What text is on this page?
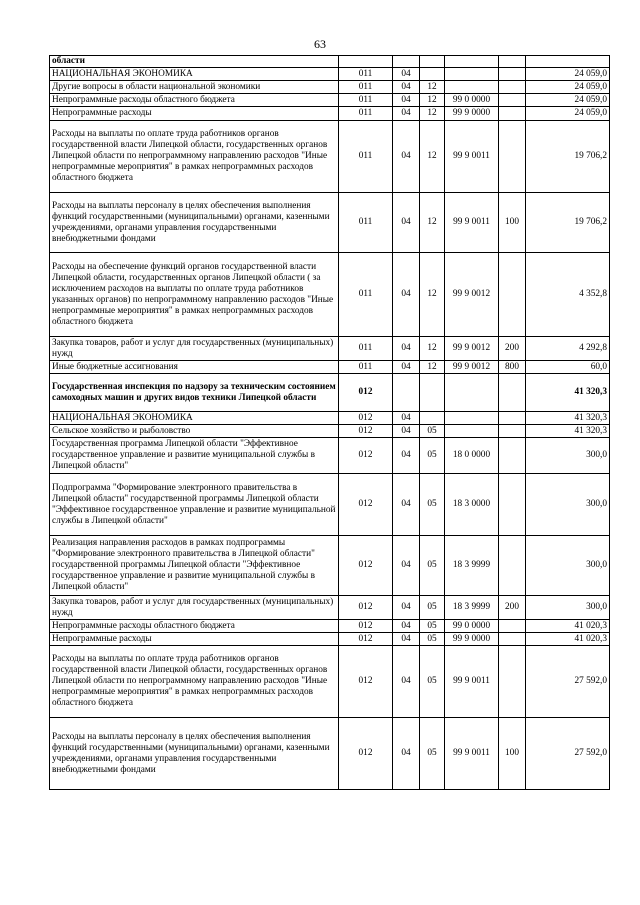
63
области						
НАЦИОНАЛЬНАЯ ЭКОНОМИКА	011	04				24 059,0
Другие вопросы в области национальной экономики	011	04	12			24 059,0
Непрограммные расходы областного бюджета	011	04	12	99 0 0000		24 059,0
Непрограммные расходы	011	04	12	99 9 0000		24 059,0
Расходы на выплаты по оплате труда работников органов государственной власти Липецкой области, государственных органов Липецкой области по непрограммному направлению расходов "Иные непрограммные мероприятия" в рамках непрограммных расходов областного бюджета	011	04	12	99 9 0011		19 706,2
Расходы на выплаты персоналу в целях обеспечения выполнения функций государственными (муниципальными) органами, казенными учреждениями, органами управления государственными внебюджетными фондами	011	04	12	99 9 0011	100	19 706,2
Расходы на обеспечение функций органов государственной власти Липецкой области, государственных органов Липецкой области ( за исключением расходов на выплаты по оплате труда работников указанных органов) по непрограммному направлению расходов "Иные непрограммные мероприятия" в рамках непрограммных расходов областного бюджета	011	04	12	99 9 0012		4 352,8
Закупка товаров, работ и услуг для государственных (муниципальных) нужд	011	04	12	99 9 0012	200	4 292,8
Иные бюджетные ассигнования	011	04	12	99 9 0012	800	60,0
Государственная инспекция по надзору за техническим состоянием самоходных машин и других видов техники Липецкой области	012					41 320,3
НАЦИОНАЛЬНАЯ ЭКОНОМИКА	012	04				41 320,3
Сельское хозяйство и рыболовство	012	04	05			41 320,3
Государственная программа Липецкой области "Эффективное государственное управление и развитие муниципальной службы в Липецкой области"	012	04	05	18 0 0000		300,0
Подпрограмма "Формирование электронного правительства в Липецкой области" государственной программы Липецкой области "Эффективное государственное управление и развитие муниципальной службы в Липецкой области"	012	04	05	18 3 0000		300,0
Реализация направления расходов в рамках подпрограммы "Формирование электронного правительства в Липецкой области" государственной программы Липецкой области "Эффективное государственное управление и развитие муниципальной службы в Липецкой области"	012	04	05	18 3 9999		300,0
Закупка товаров, работ и услуг для государственных (муниципальных) нужд	012	04	05	18 3 9999	200	300,0
Непрограммные расходы областного бюджета	012	04	05	99 0 0000		41 020,3
Непрограммные расходы	012	04	05	99 9 0000		41 020,3
Расходы на выплаты по оплате труда работников органов государственной власти Липецкой области, государственных органов Липецкой области по непрограммному направлению расходов "Иные непрограммные мероприятия" в рамках непрограммных расходов областного бюджета	012	04	05	99 9 0011		27 592,0
Расходы на выплаты персоналу в целях обеспечения выполнения функций государственными (муниципальными) органами, казенными учреждениями, органами управления государственными внебюджетными фондами	012	04	05	99 9 0011	100	27 592,0
